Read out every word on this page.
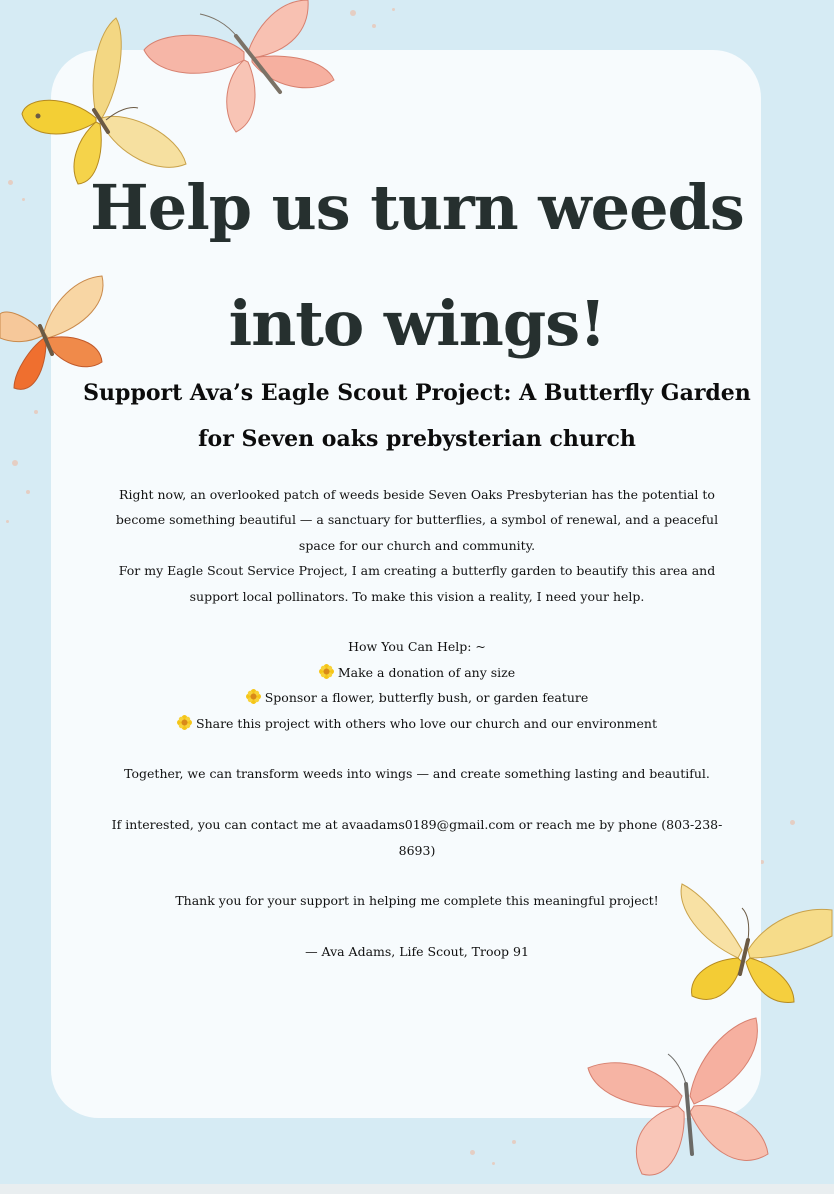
Help us turn weeds into wings!
Support Ava’s Eagle Scout Project: A Butterfly Garden for Seven oaks prebysterian church

Right now, an overlooked patch of weeds beside Seven Oaks Presbyterian has the potential to become something beautiful — a sanctuary for butterflies, a symbol of renewal, and a peaceful space for our church and community.

For my Eagle Scout Service Project, I am creating a butterfly garden to beautify this area and support local pollinators. To make this vision a reality, I need your help.

How You Can Help: ~

Make a donation of any size

Sponsor a flower, butterfly bush, or garden feature

Share this project with others who love our church and our environment

Together, we can transform weeds into wings — and create something lasting and beautiful.

If interested, you can contact me at avaadams0189@gmail.com or reach me by phone (803-238-8693)

Thank you for your support in helping me complete this meaningful project!

— Ava Adams, Life Scout, Troop 91
